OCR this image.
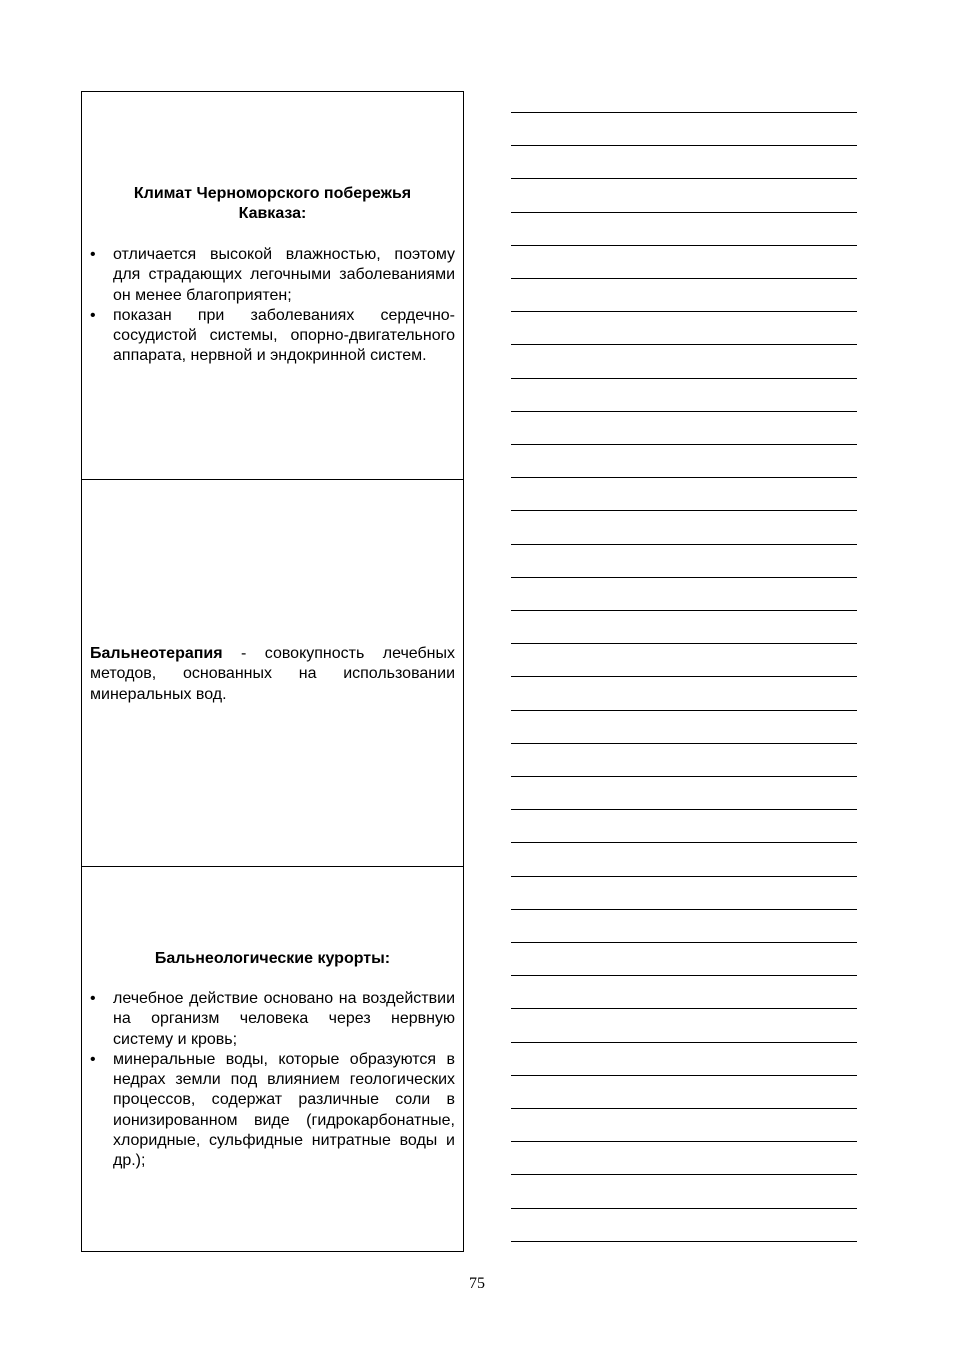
Климат Черноморского побережья Кавказа:

• отличается высокой влажностью, поэтому для страдающих легочными заболеваниями он менее благоприятен;
• показан при заболеваниях сердечно-сосудистой системы, опорно-двигательного аппарата, нервной и эндокринной систем.

Бальнеотерапия - совокупность лечебных методов, основанных на использовании минеральных вод.

Бальнеологические курорты:

• лечебное действие основано на воздействии на организм человека через нервную систему и кровь;
• минеральные воды, которые образуются в недрах земли под влиянием геологических процессов, содержат различные соли в ионизированном виде (гидрокарбонатные, хлоридные, сульфидные нитратные воды и др.);
75
